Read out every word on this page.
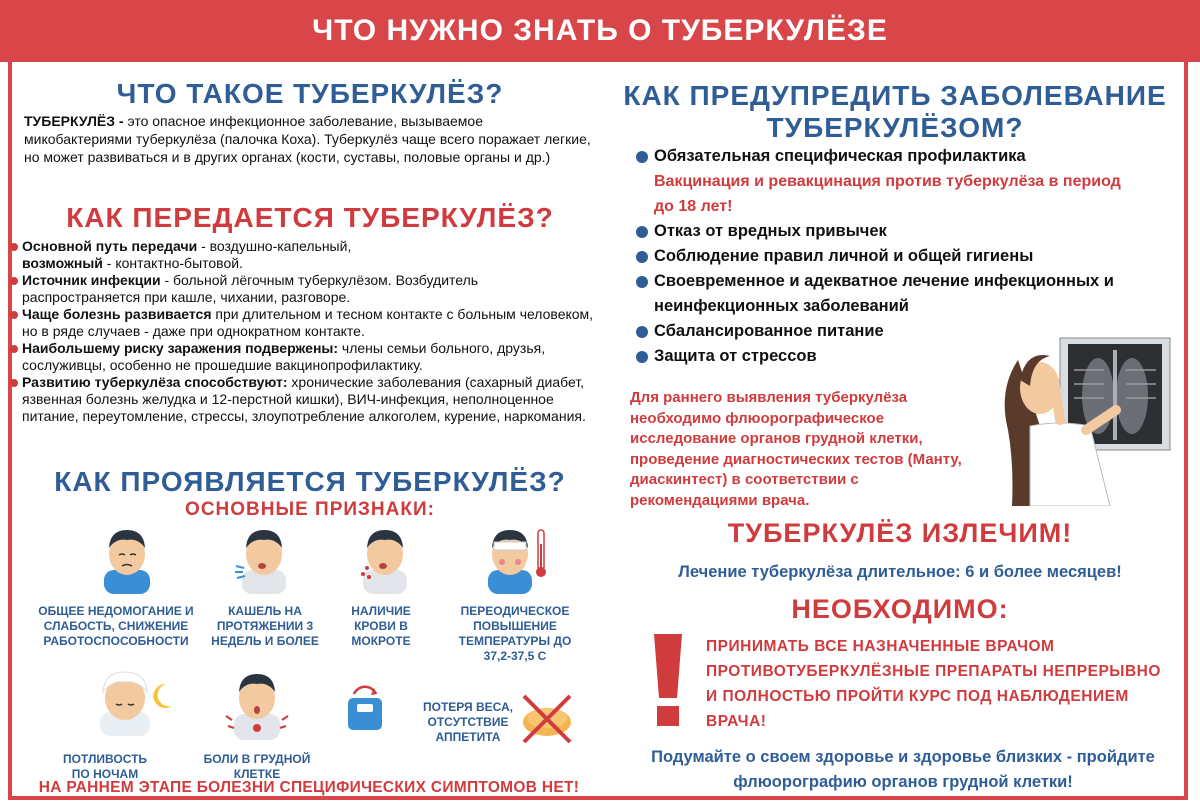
ЧТО НУЖНО ЗНАТЬ О ТУБЕРКУЛЁЗЕ
ЧТО ТАКОЕ ТУБЕРКУЛЁЗ?
ТУБЕРКУЛЁЗ - это опасное инфекционное заболевание, вызываемое микобактериями туберкулёза (палочка Коха). Туберкулёз чаще всего поражает легкие, но может развиваться и в других органах (кости, суставы, половые органы и др.)
КАК ПЕРЕДАЕТСЯ ТУБЕРКУЛЁЗ?
Основной путь передачи - воздушно-капельный,
возможный - контактно-бытовой.
Источник инфекции - больной лёгочным туберкулёзом. Возбудитель распространяется при кашле, чихании, разговоре.
Чаще болезнь развивается при длительном и тесном контакте с больным человеком, но в ряде случаев - даже при однократном контакте.
Наибольшему риску заражения подвержены: члены семьи больного, друзья, сослуживцы, особенно не прошедшие вакцинопрофилактику.
Развитию туберкулёза способствуют: хронические заболевания (сахарный диабет, язвенная болезнь желудка и 12-перстной кишки), ВИЧ-инфекция, неполноценное питание, переутомление, стрессы, злоупотребление алкоголем, курение, наркомания.
КАК ПРОЯВЛЯЕТСЯ ТУБЕРКУЛЁЗ?
ОСНОВНЫЕ ПРИЗНАКИ:
ОБЩЕЕ НЕДОМОГАНИЕ И СЛАБОСТЬ, СНИЖЕНИЕ РАБОТОСПОСОБНОСТИ
КАШЕЛЬ НА ПРОТЯЖЕНИИ 3 НЕДЕЛЬ И БОЛЕЕ
НАЛИЧИЕ КРОВИ В МОКРОТЕ
ПЕРЕОДИЧЕСКОЕ ПОВЫШЕНИЕ ТЕМПЕРАТУРЫ ДО 37,2-37,5 С
ПОТЕРЯ ВЕСА, ОТСУТСТВИЕ АППЕТИТА
ПОТЛИВОСТЬ ПО НОЧАМ
БОЛИ В ГРУДНОЙ КЛЕТКЕ
НА РАННЕМ ЭТАПЕ БОЛЕЗНИ СПЕЦИФИЧЕСКИХ СИМПТОМОВ НЕТ!
КАК ПРЕДУПРЕДИТЬ ЗАБОЛЕВАНИЕ ТУБЕРКУЛЁЗОМ?
Обязательная специфическая профилактика
Вакцинация и ревакцинация против туберкулёза в период до 18 лет!
Отказ от вредных привычек
Соблюдение правил личной и общей гигиены
Своевременное и адекватное лечение инфекционных и неинфекционных заболеваний
Сбалансированное питание
Защита от стрессов
Для раннего выявления туберкулёза необходимо флюорографическое исследование органов грудной клетки, проведение диагностических тестов (Манту, диаскинтест) в соответствии с рекомендациями врача.
ТУБЕРКУЛЁЗ ИЗЛЕЧИМ!
Лечение туберкулёза длительное: 6 и более месяцев!
НЕОБХОДИМО:
ПРИНИМАТЬ ВСЕ НАЗНАЧЕННЫЕ ВРАЧОМ ПРОТИВОТУБЕРКУЛЁЗНЫЕ ПРЕПАРАТЫ НЕПРЕРЫВНО И ПОЛНОСТЬЮ ПРОЙТИ КУРС ПОД НАБЛЮДЕНИЕМ ВРАЧА!
Подумайте о своем здоровье и здоровье близких - пройдите флюорографию органов грудной клетки!
